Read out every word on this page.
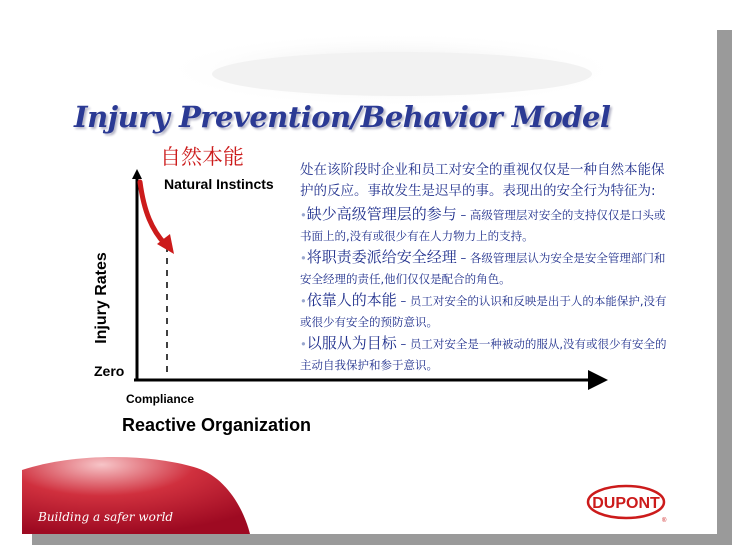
Injury Prevention/Behavior Model
自然本能
Natural Instincts
Injury Rates
Zero
Compliance
Reactive Organization

处在该阶段时企业和员工对安全的重视仅仅是一种自然本能保护的反应。事故发生是迟早的事。表现出的安全行为特征为:

•缺少高级管理层的参与 – 高级管理层对安全的支持仅仅是口头或书面上的,没有或很少有在人力物力上的支持。

•将职责委派给安全经理 – 各级管理层认为安全是安全管理部门和安全经理的责任,他们仅仅是配合的角色。

•依靠人的本能 – 员工对安全的认识和反映是出于人的本能保护,没有或很少有安全的预防意识。

•以服从为目标 – 员工对安全是一种被动的服从,没有或很少有安全的主动自我保护和参于意识。

Building a safer world
DUPONT
®
